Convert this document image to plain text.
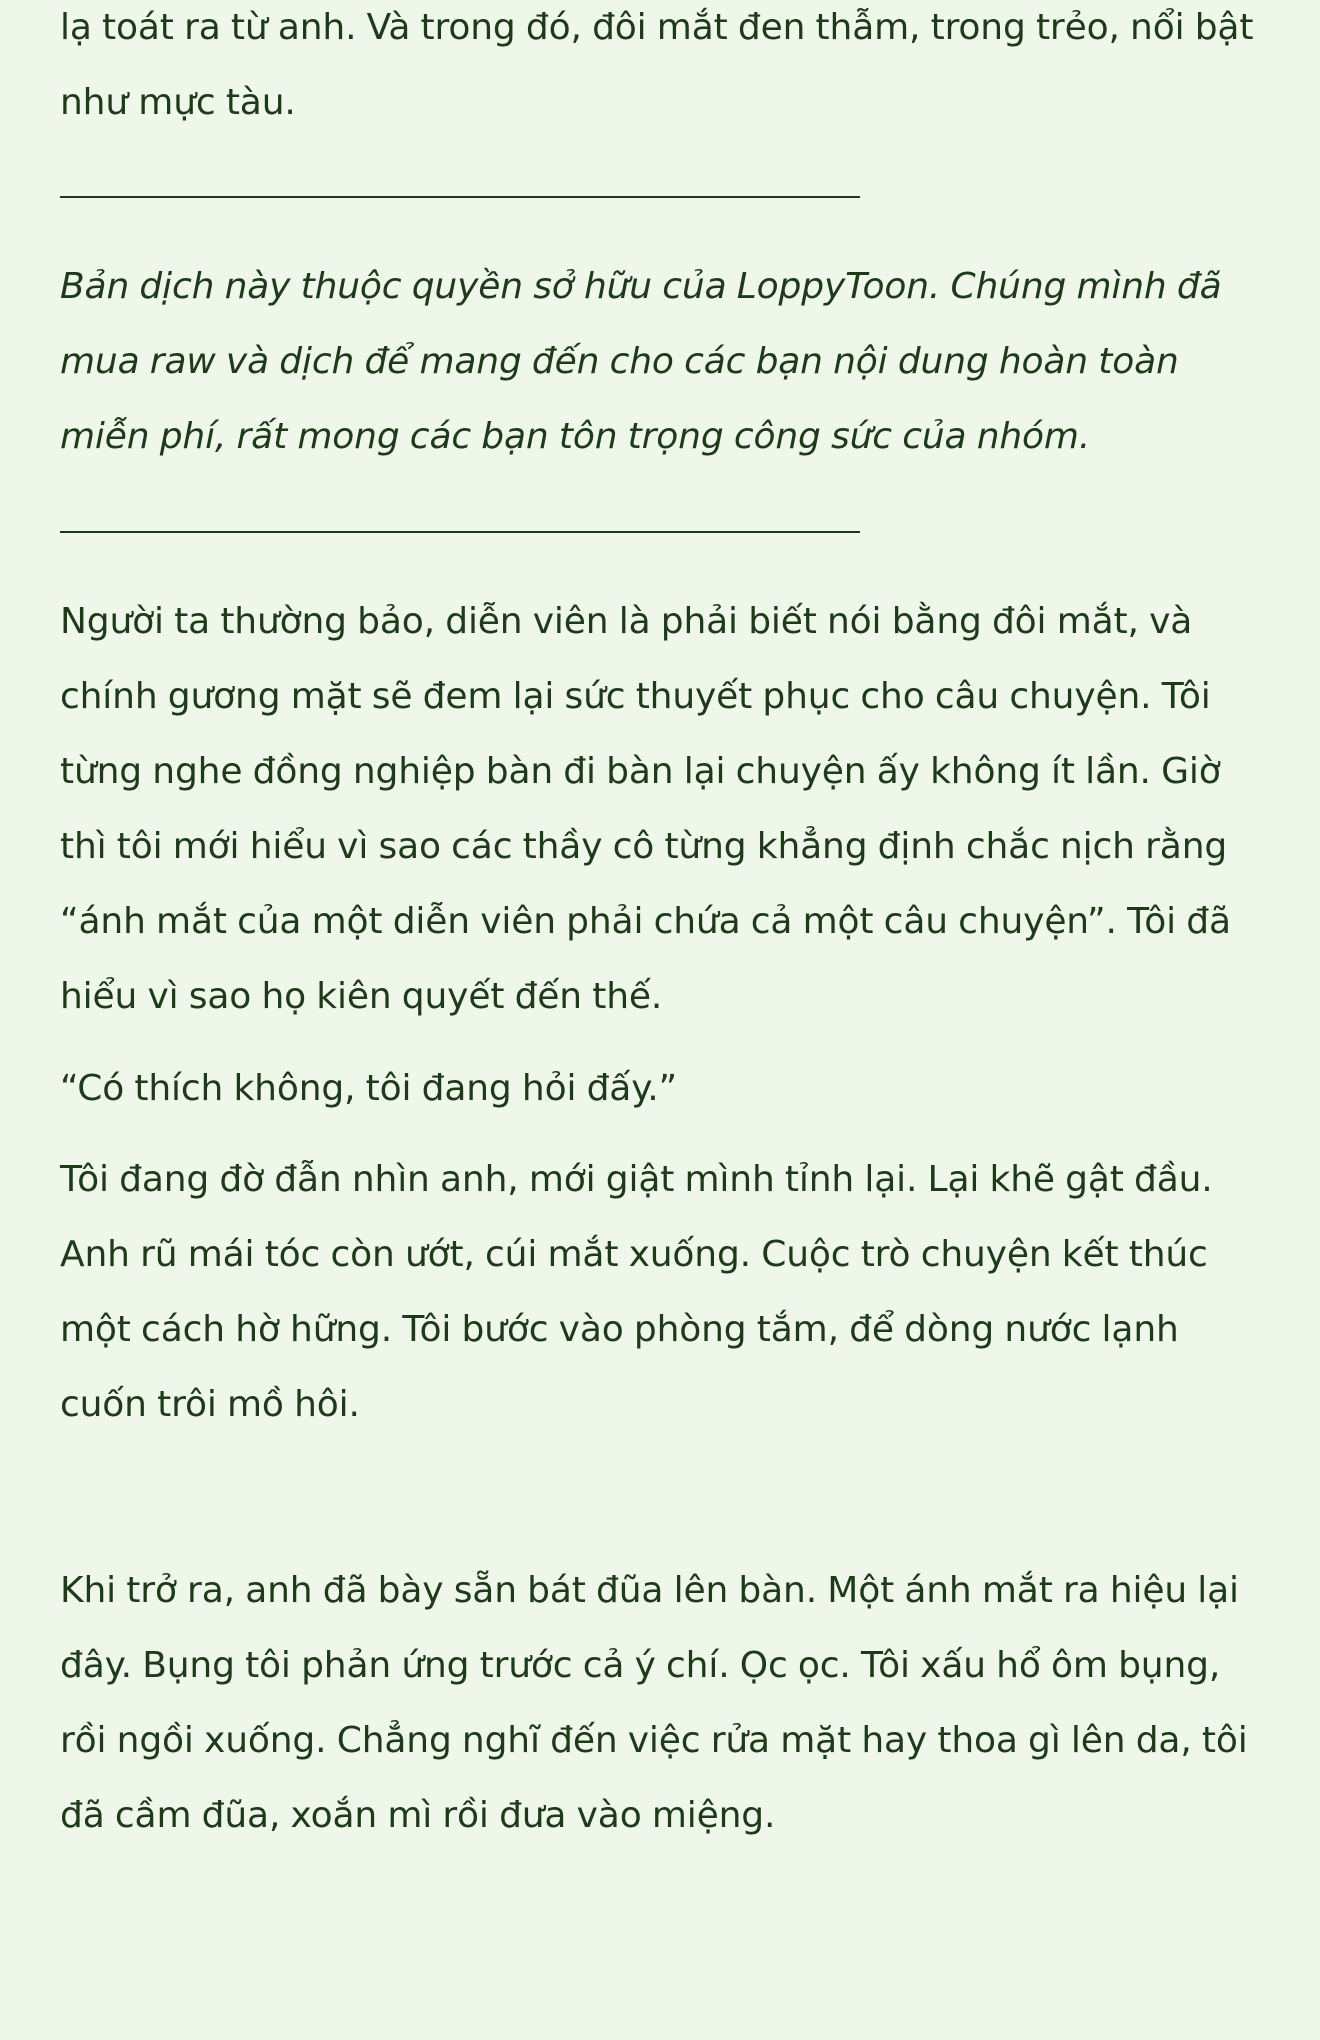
lạ toát ra từ anh. Và trong đó, đôi mắt đen thẫm, trong trẻo, nổi bật như mực tàu.

Bản dịch này thuộc quyền sở hữu của LoppyToon. Chúng mình đã mua raw và dịch để mang đến cho các bạn nội dung hoàn toàn miễn phí, rất mong các bạn tôn trọng công sức của nhóm.

Người ta thường bảo, diễn viên là phải biết nói bằng đôi mắt, và chính gương mặt sẽ đem lại sức thuyết phục cho câu chuyện. Tôi từng nghe đồng nghiệp bàn đi bàn lại chuyện ấy không ít lần. Giờ thì tôi mới hiểu vì sao các thầy cô từng khẳng định chắc nịch rằng “ánh mắt của một diễn viên phải chứa cả một câu chuyện”. Tôi đã hiểu vì sao họ kiên quyết đến thế.

“Có thích không, tôi đang hỏi đấy.”

Tôi đang đờ đẫn nhìn anh, mới giật mình tỉnh lại. Lại khẽ gật đầu. Anh rũ mái tóc còn ướt, cúi mắt xuống. Cuộc trò chuyện kết thúc một cách hờ hững. Tôi bước vào phòng tắm, để dòng nước lạnh cuốn trôi mồ hôi.

Khi trở ra, anh đã bày sẵn bát đũa lên bàn. Một ánh mắt ra hiệu lại đây. Bụng tôi phản ứng trước cả ý chí. Ọc ọc. Tôi xấu hổ ôm bụng, rồi ngồi xuống. Chẳng nghĩ đến việc rửa mặt hay thoa gì lên da, tôi đã cầm đũa, xoắn mì rồi đưa vào miệng.
